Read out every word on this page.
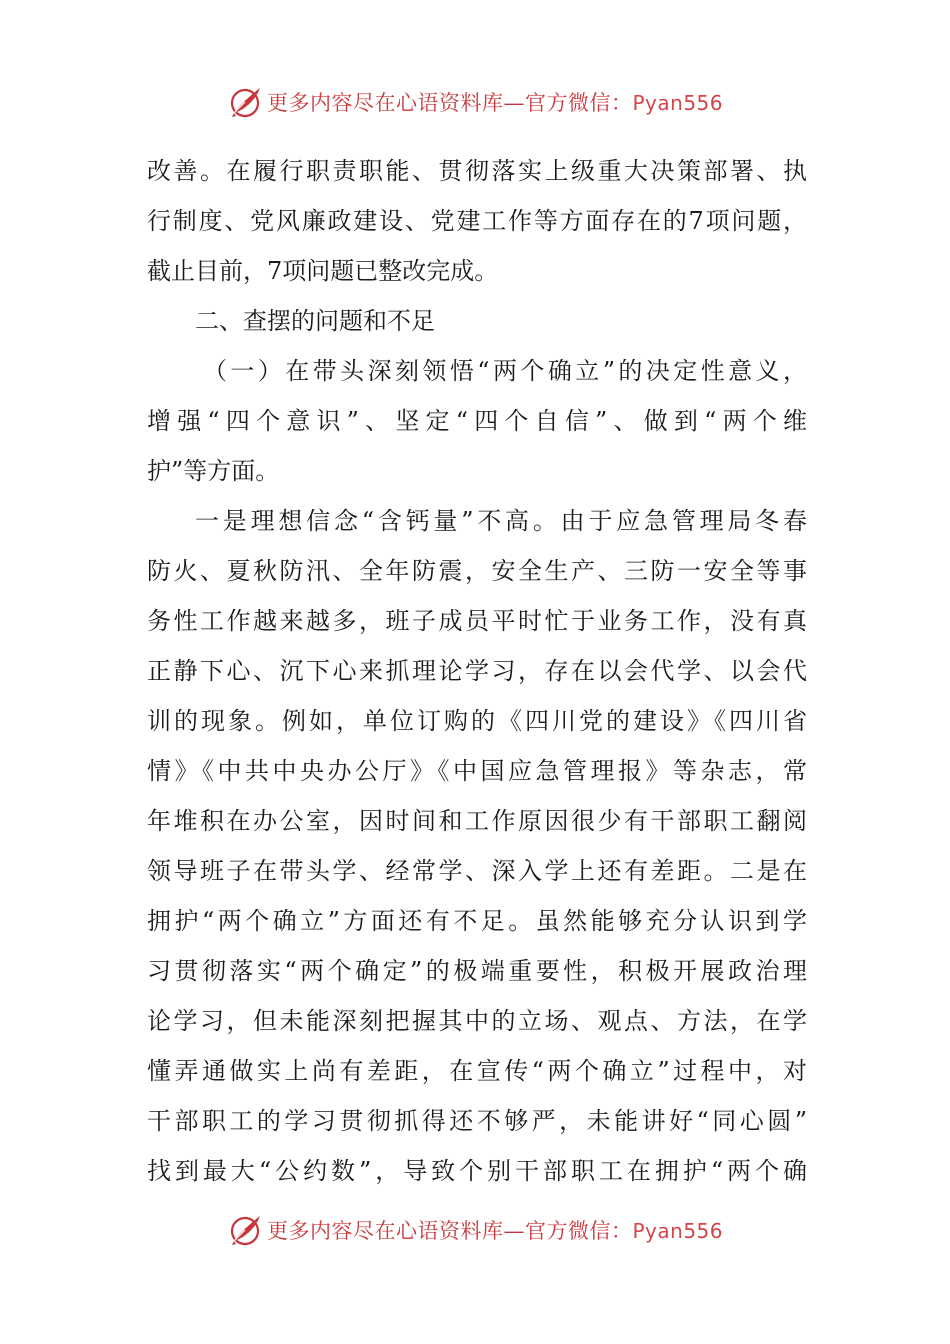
更多内容尽在心语资料库—官方微信：Pyan556
改善。在履行职责职能、贯彻落实上级重大决策部署、执
行制度、党风廉政建设、党建工作等方面存在的7项问题，
截止目前，7项问题已整改完成。
二、查摆的问题和不足
（一）在带头深刻领悟“两个确立”的决定性意义，
增强“四个意识”、坚定“四个自信”、做到“两个维
护”等方面。
一是理想信念“含钙量”不高。由于应急管理局冬春
防火、夏秋防汛、全年防震，安全生产、三防一安全等事
务性工作越来越多，班子成员平时忙于业务工作，没有真
正静下心、沉下心来抓理论学习，存在以会代学、以会代
训的现象。例如，单位订购的《四川党的建设》《四川省
情》《中共中央办公厅》《中国应急管理报》等杂志，常
年堆积在办公室，因时间和工作原因很少有干部职工翻阅
领导班子在带头学、经常学、深入学上还有差距。二是在
拥护“两个确立”方面还有不足。虽然能够充分认识到学
习贯彻落实“两个确定”的极端重要性，积极开展政治理
论学习，但未能深刻把握其中的立场、观点、方法，在学
懂弄通做实上尚有差距，在宣传“两个确立”过程中，对
干部职工的学习贯彻抓得还不够严，未能讲好“同心圆”
找到最大“公约数”，导致个别干部职工在拥护“两个确
更多内容尽在心语资料库—官方微信：Pyan556
